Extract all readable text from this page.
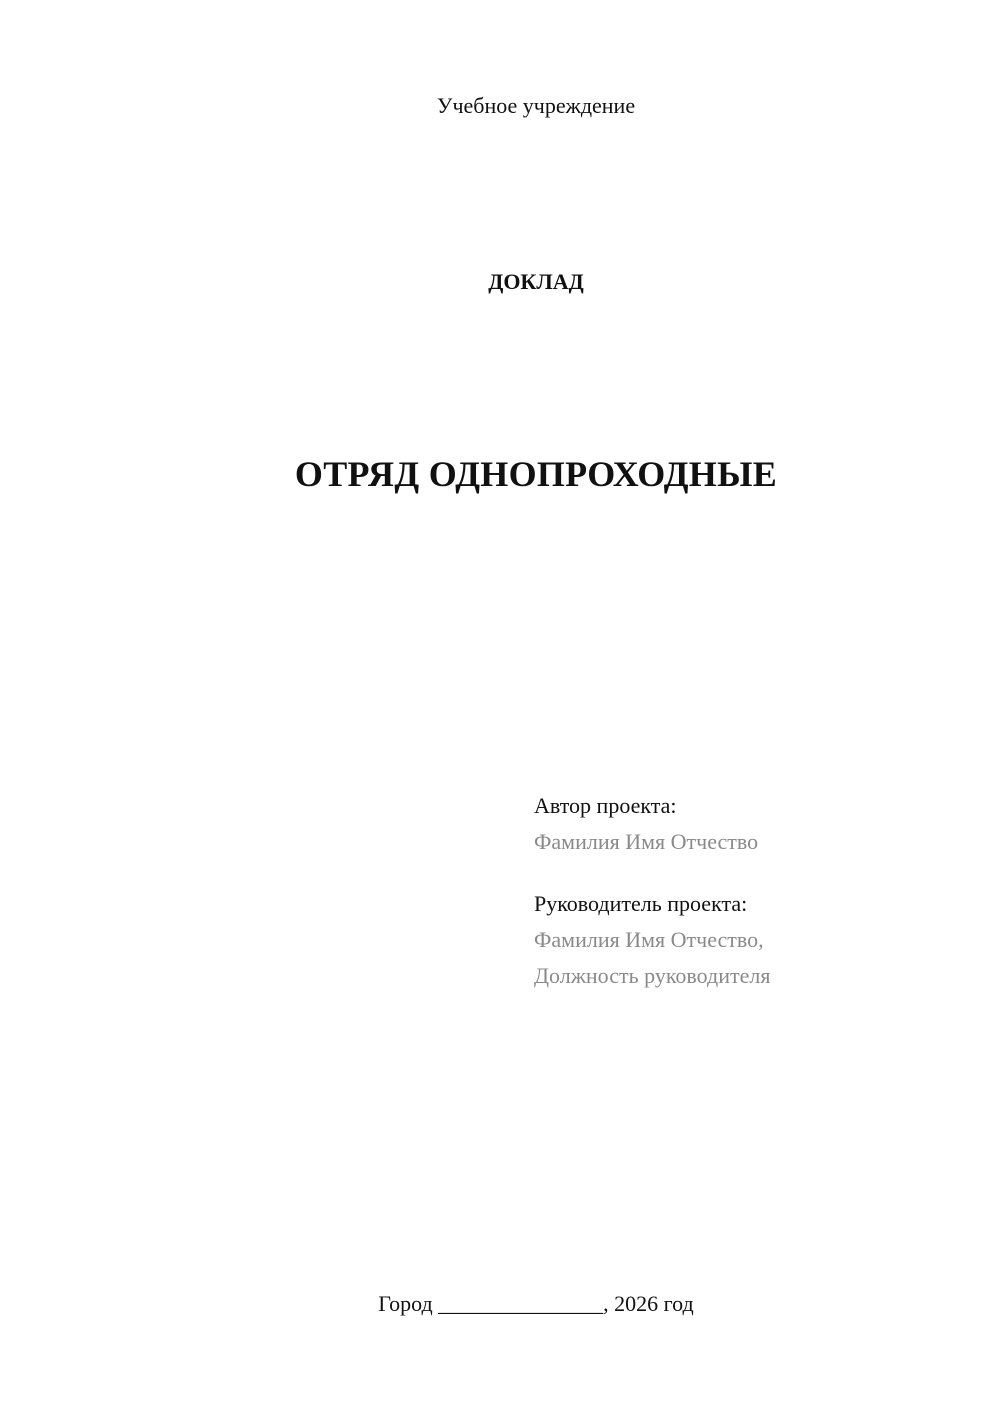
Учебное учреждение
ДОКЛАД
ОТРЯД ОДНОПРОХОДНЫЕ
Автор проекта:
Фамилия Имя Отчество
Руководитель проекта:
Фамилия Имя Отчество,
Должность руководителя
Город _______________, 2026 год
